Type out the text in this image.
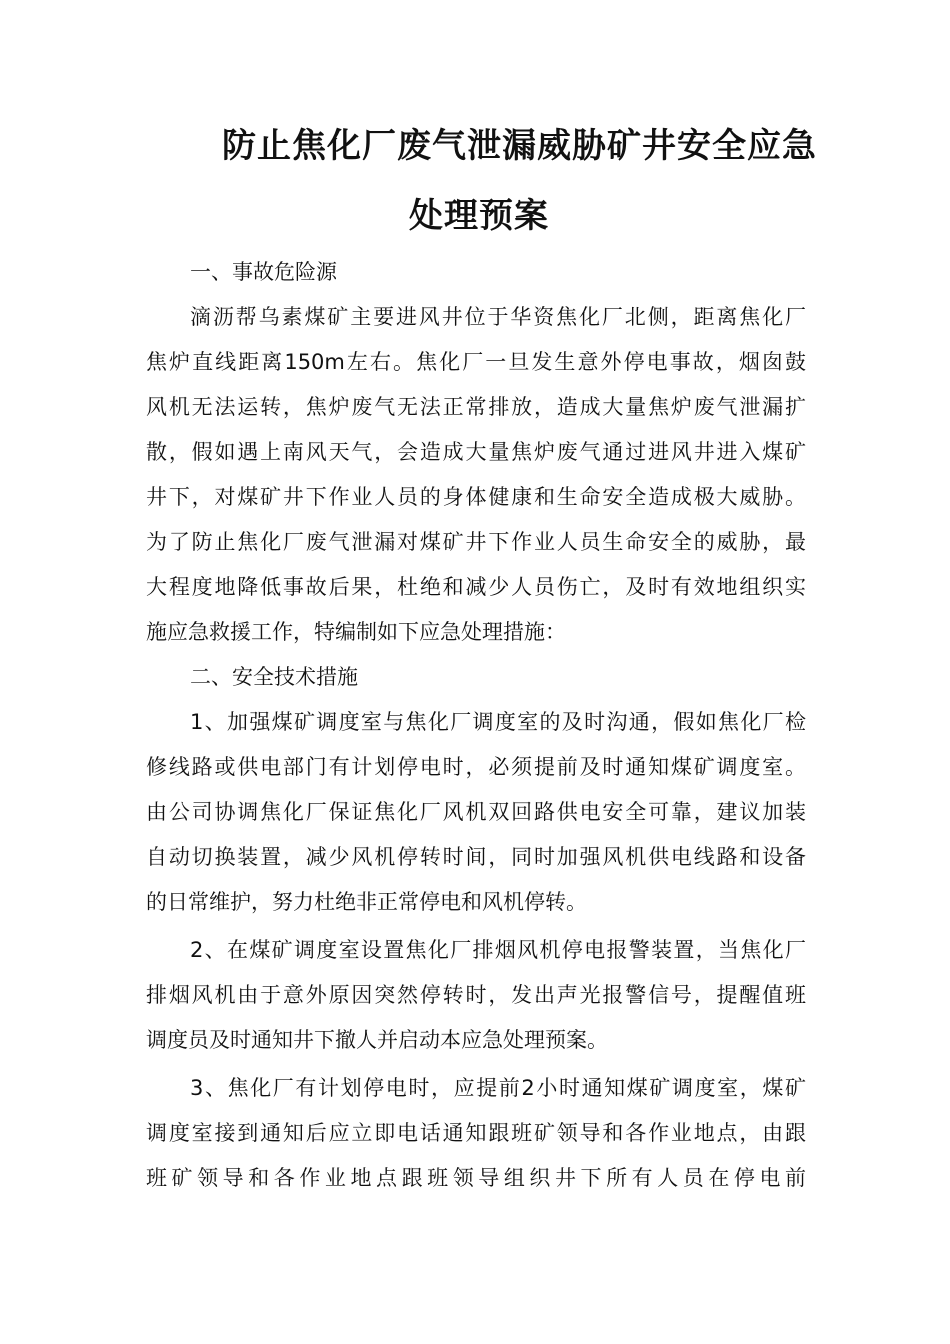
防止焦化厂废气泄漏威胁矿井安全应急
处理预案

一、事故危险源

滴沥帮乌素煤矿主要进风井位于华资焦化厂北侧，距离焦化厂

焦炉直线距离150m左右。焦化厂一旦发生意外停电事故，烟囱鼓

风机无法运转，焦炉废气无法正常排放，造成大量焦炉废气泄漏扩

散，假如遇上南风天气，会造成大量焦炉废气通过进风井进入煤矿

井下，对煤矿井下作业人员的身体健康和生命安全造成极大威胁。

为了防止焦化厂废气泄漏对煤矿井下作业人员生命安全的威胁，最

大程度地降低事故后果，杜绝和减少人员伤亡，及时有效地组织实

施应急救援工作，特编制如下应急处理措施：

二、安全技术措施

1、加强煤矿调度室与焦化厂调度室的及时沟通，假如焦化厂检

修线路或供电部门有计划停电时，必须提前及时通知煤矿调度室。

由公司协调焦化厂保证焦化厂风机双回路供电安全可靠，建议加装

自动切换装置，减少风机停转时间，同时加强风机供电线路和设备

的日常维护，努力杜绝非正常停电和风机停转。

2、在煤矿调度室设置焦化厂排烟风机停电报警装置，当焦化厂

排烟风机由于意外原因突然停转时，发出声光报警信号，提醒值班

调度员及时通知井下撤人并启动本应急处理预案。

3、焦化厂有计划停电时，应提前2小时通知煤矿调度室，煤矿

调度室接到通知后应立即电话通知跟班矿领导和各作业地点，由跟

班矿领导和各作业地点跟班领导组织井下所有人员在停电前
